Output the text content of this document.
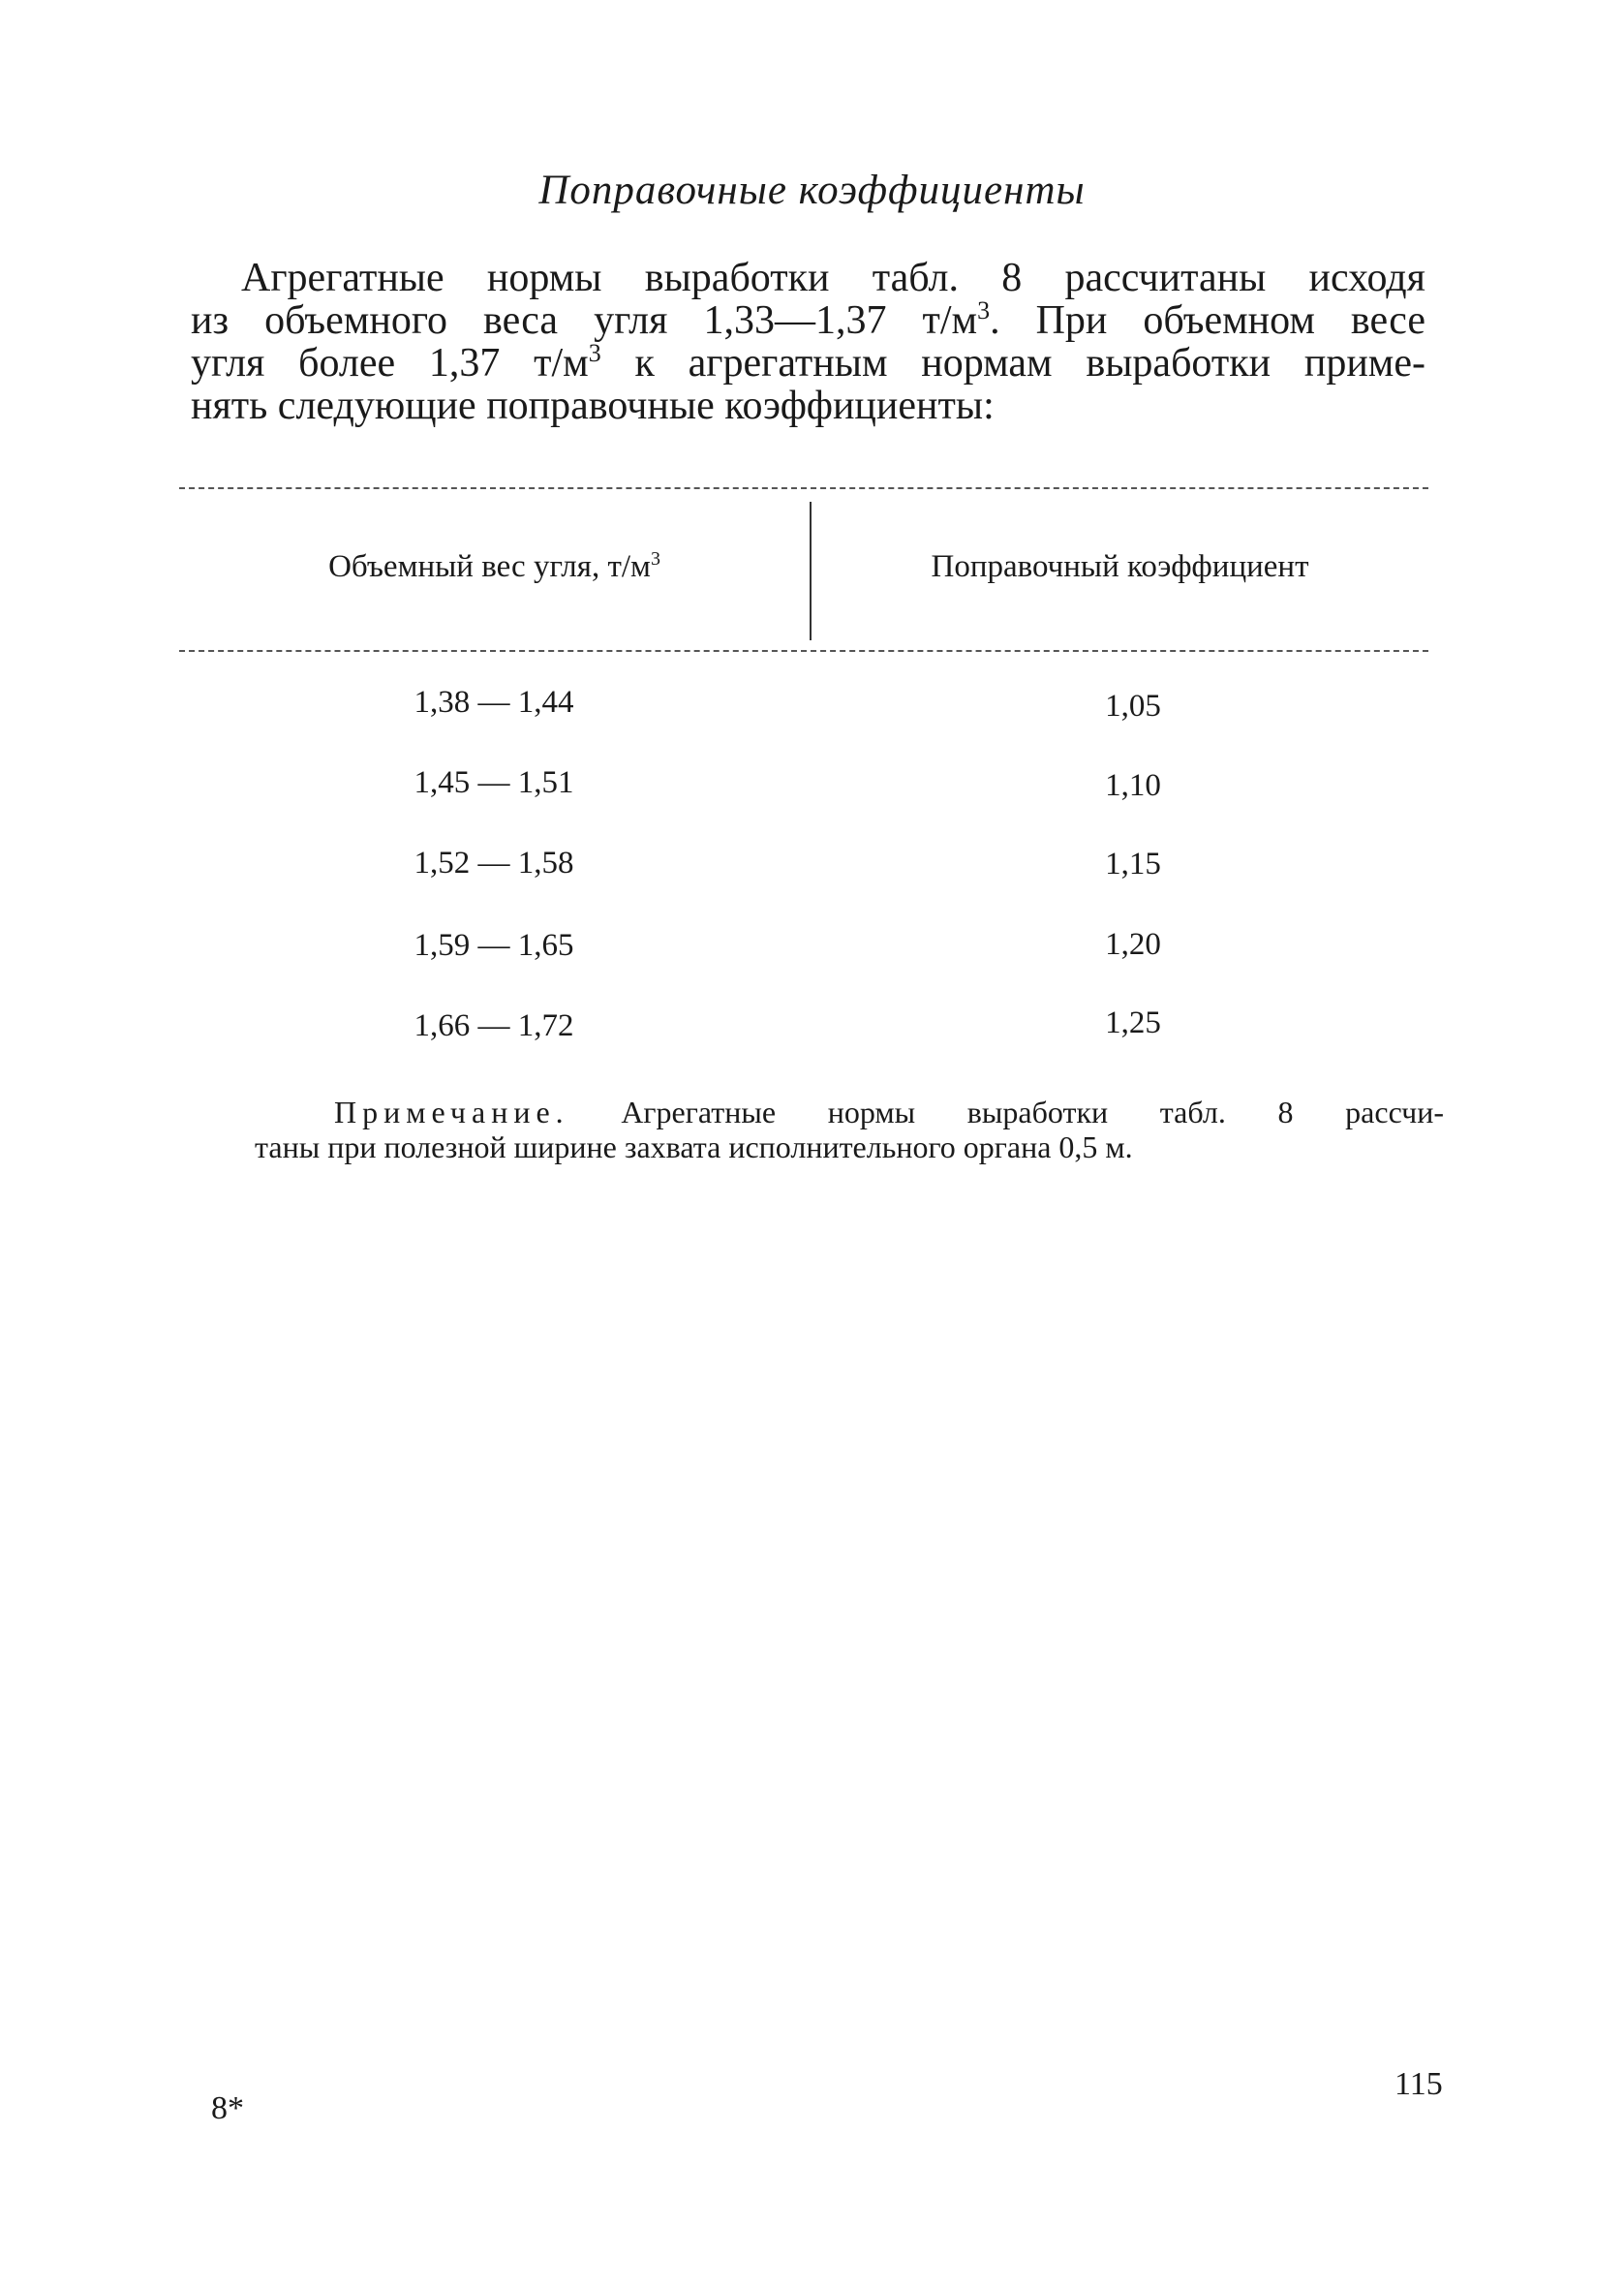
Поправочные коэффициенты
Агрегатные нормы выработки табл. 8 рассчитаны исходя
из объемного веса угля 1,33—1,37 $т/м^3$. При объемном весе
угля более 1,37 $т/м^3$ к агрегатным нормам выработки приме-
нять следующие поправочные коэффициенты:
Объемный вес угля, $т/м^3$	Поправочный коэффициент
1,38 — 1,44	1,05
1,45 — 1,51	1,10
1,52 — 1,58	1,15
1,59 — 1,65	1,20
1,66 — 1,72	1,25
Примечание. Агрегатные нормы выработки табл. 8 рассчи-
таны при полезной ширине захвата исполнительного органа 0,5 м.
8*
115
